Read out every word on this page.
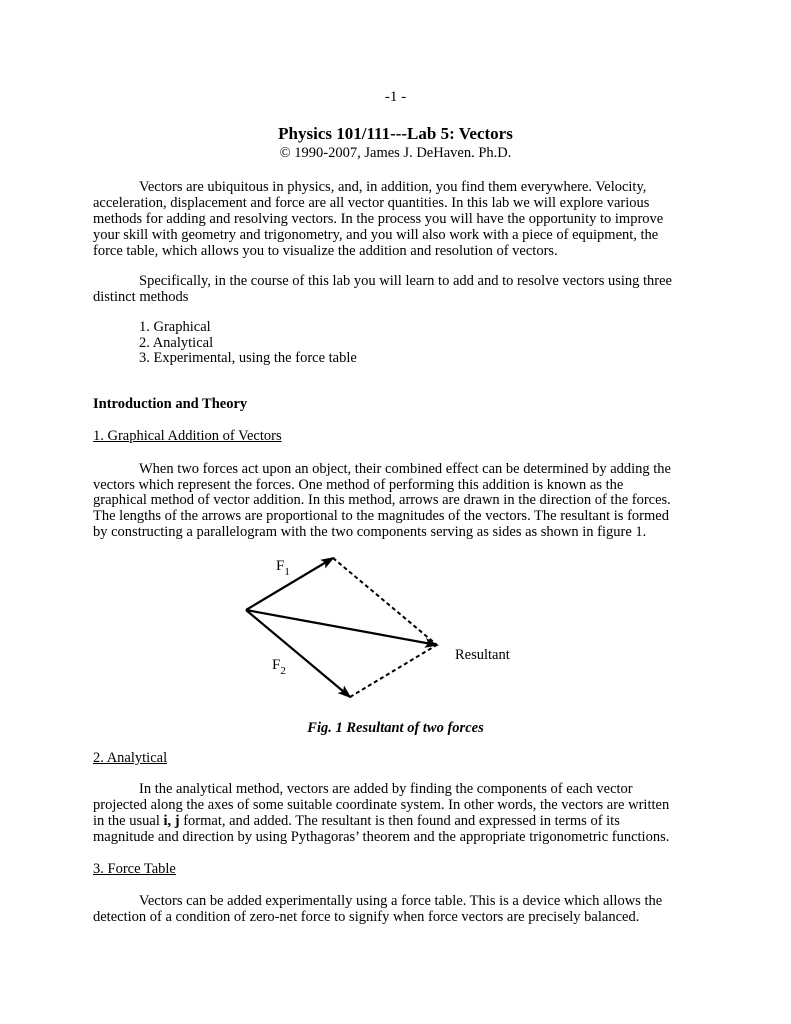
-1 -
Physics 101/111---Lab 5: Vectors
© 1990-2007, James J. DeHaven. Ph.D.
Vectors are ubiquitous in physics, and, in addition, you find them everywhere. Velocity,
acceleration, displacement and force are all vector quantities. In this lab we will explore various
methods for adding and resolving vectors. In the process you will have the opportunity to improve
your skill with geometry and trigonometry, and you will also work with a piece of equipment, the
force table, which allows you to visualize the addition and resolution of vectors.
Specifically, in the course of this lab you will learn to add and to resolve vectors using three
distinct methods
1. Graphical
2. Analytical
3. Experimental, using the force table
Introduction and Theory
1. Graphical Addition of Vectors
When two forces act upon an object, their combined effect can be determined by adding the
vectors which represent the forces. One method of performing this addition is known as the
graphical method of vector addition. In this method, arrows are drawn in the direction of the forces.
The lengths of the arrows are proportional to the magnitudes of the vectors. The resultant is formed
by constructing a parallelogram with the two components serving as sides as shown in figure 1.
$F_1$
$F_2$
Resultant
Fig. 1 Resultant of two forces
2. Analytical
In the analytical method, vectors are added by finding the components of each vector
projected along the axes of some suitable coordinate system. In other words, the vectors are written
in the usual i, j format, and added. The resultant is then found and expressed in terms of its
magnitude and direction by using Pythagoras’ theorem and the appropriate trigonometric functions.
3. Force Table
Vectors can be added experimentally using a force table. This is a device which allows the
detection of a condition of zero-net force to signify when force vectors are precisely balanced.
